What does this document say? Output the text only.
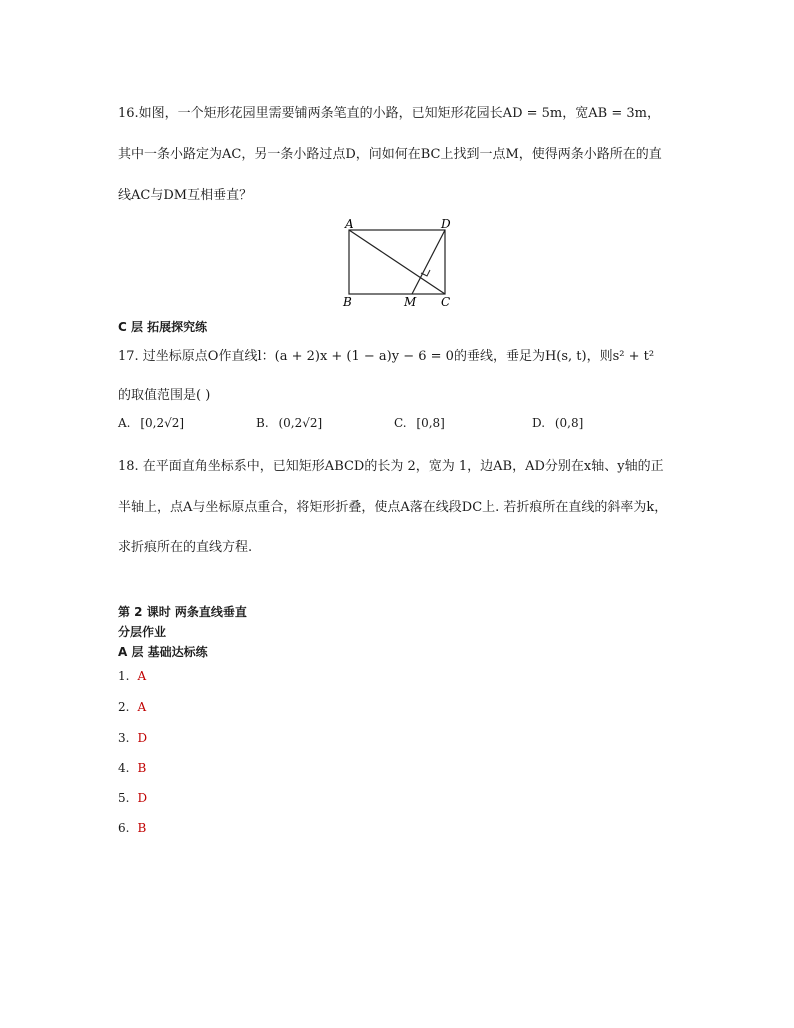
16.如图，一个矩形花园里需要铺两条笔直的小路，已知矩形花园长AD = 5m，宽AB = 3m，
其中一条小路定为AC，另一条小路过点D，问如何在BC上找到一点M，使得两条小路所在的直
线AC与DM互相垂直？
A	D
B	M C
C 层 拓展探究练
17. 过坐标原点O作直线l：(a + 2)x + (1 − a)y − 6 = 0的垂线，垂足为H(s, t)，则s² + t²
的取值范围是( )
A. [0,2√2]	B. (0,2√2]	C. [0,8]	D. (0,8]
18. 在平面直角坐标系中，已知矩形ABCD的长为 2，宽为 1，边AB，AD分别在x轴、y轴的正
半轴上，点A与坐标原点重合，将矩形折叠，使点A落在线段DC上. 若折痕所在直线的斜率为k，
求折痕所在的直线方程.
第 2 课时 两条直线垂直
分层作业
A 层 基础达标练
1. A
2. A
3. D
4. B
5. D
6. B
